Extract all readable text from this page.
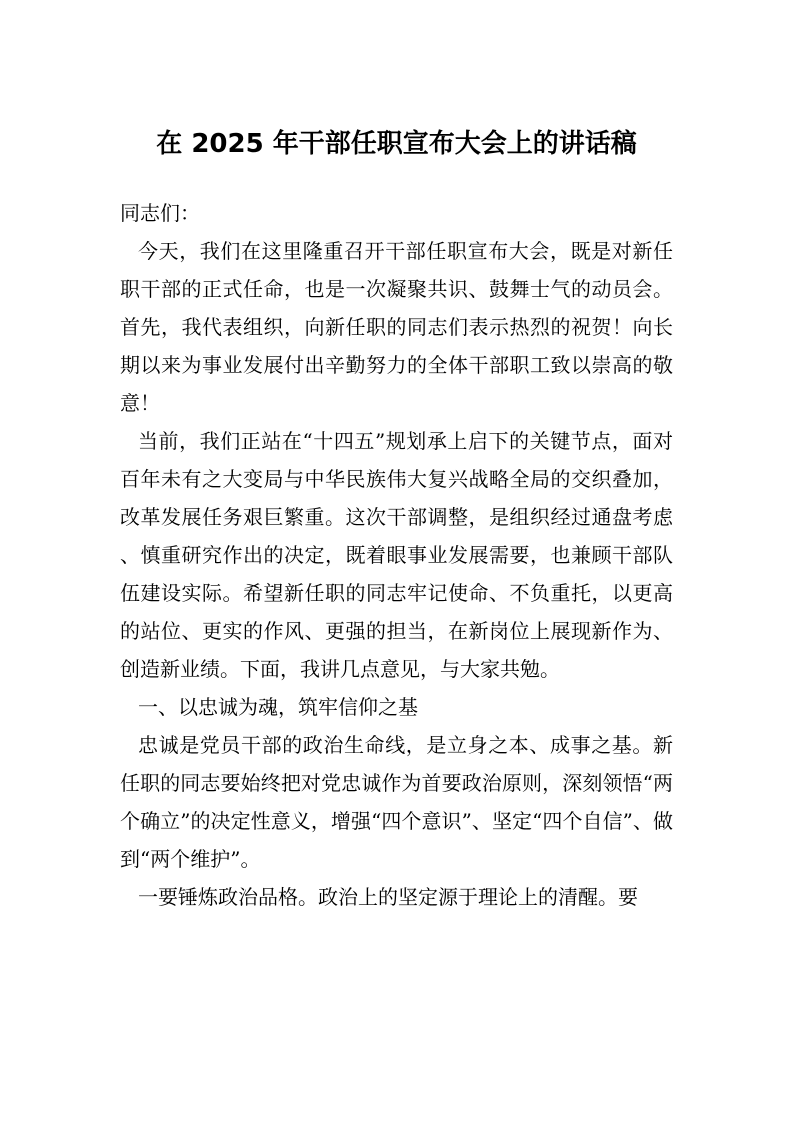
在 2025 年干部任职宣布大会上的讲话稿

同志们：

今天，我们在这里隆重召开干部任职宣布大会，既是对新任职干部的正式任命，也是一次凝聚共识、鼓舞士气的动员会。首先，我代表组织，向新任职的同志们表示热烈的祝贺！向长期以来为事业发展付出辛勤努力的全体干部职工致以崇高的敬意！

当前，我们正站在“十四五”规划承上启下的关键节点，面对百年未有之大变局与中华民族伟大复兴战略全局的交织叠加，改革发展任务艰巨繁重。这次干部调整，是组织经过通盘考虑、慎重研究作出的决定，既着眼事业发展需要，也兼顾干部队伍建设实际。希望新任职的同志牢记使命、不负重托，以更高的站位、更实的作风、更强的担当，在新岗位上展现新作为、创造新业绩。下面，我讲几点意见，与大家共勉。

一、以忠诚为魂，筑牢信仰之基

忠诚是党员干部的政治生命线，是立身之本、成事之基。新任职的同志要始终把对党忠诚作为首要政治原则，深刻领悟“两个确立”的决定性意义，增强“四个意识”、坚定“四个自信”、做到“两个维护”。

一要锤炼政治品格。政治上的坚定源于理论上的清醒。要
